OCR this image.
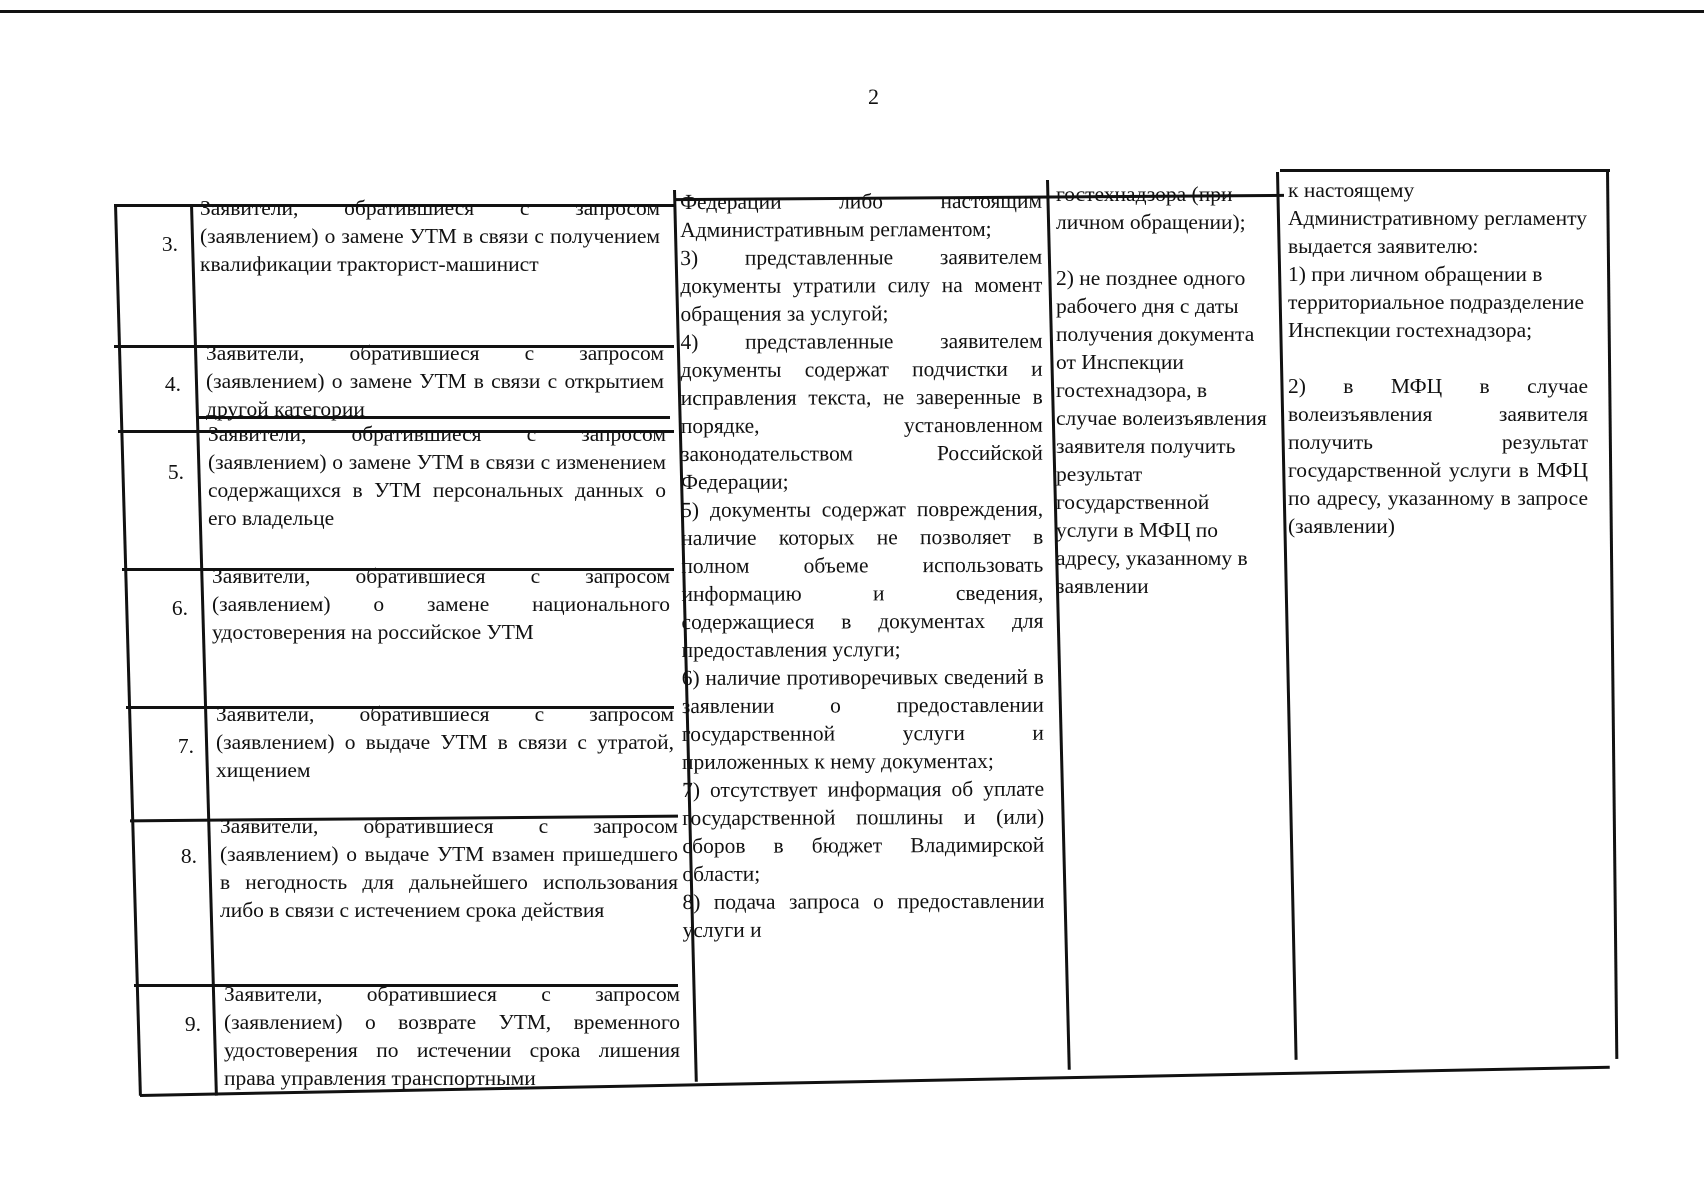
2
3.
4.
5.
6.
7.
8.
9.
Заявители, обратившиеся с запросом (заявлением) о замене УТМ в связи с получением квалификации тракторист-машинист
Заявители, обратившиеся с запросом (заявлением) о замене УТМ в связи с открытием другой категории
Заявители, обратившиеся с запросом (заявлением) о замене УТМ в связи с изменением содержащихся в УТМ персональных данных о его владельце
Заявители, обратившиеся с запросом (заявлением) о замене национального удостоверения на российское УТМ
Заявители, обратившиеся с запросом (заявлением) о выдаче УТМ в связи с утратой, хищением
Заявители, обратившиеся с запросом (заявлением) о выдаче УТМ взамен пришедшего в негодность для дальнейшего использования либо в связи с истечением срока действия
Заявители, обратившиеся с запросом (заявлением) о возврате УТМ, временного удостоверения по истечении срока лишения права управления транспортными
Федерации либо настоящим Административным регламентом;
3) представленные заявителем документы утратили силу на момент обращения за услугой;
4) представленные заявителем документы содержат подчистки и исправления текста, не заверенные в порядке, установленном законодательством Российской Федерации;
5) документы содержат повреждения, наличие которых не позволяет в полном объеме использовать информацию и сведения, содержащиеся в документах для предоставления услуги;
6) наличие противоречивых сведений в заявлении о предоставлении государственной услуги и приложенных к нему документах;
7) отсутствует информация об уплате государственной пошлины и (или) сборов в бюджет Владимирской области;
8) подача запроса о предоставлении услуги и
гостехнадзора (при личном обращении);
2) не позднее одного рабочего дня с даты получения документа от Инспекции гостехнадзора, в случае волеизъявления заявителя получить результат государственной услуги в МФЦ по адресу, указанному в заявлении
к настоящему Административному регламенту выдается заявителю:
1) при личном обращении в территориальное подразделение Инспекции гостехнадзора;
2) в МФЦ в случае волеизъявления заявителя получить результат государственной услуги в МФЦ по адресу, указанному в запросе (заявлении)
